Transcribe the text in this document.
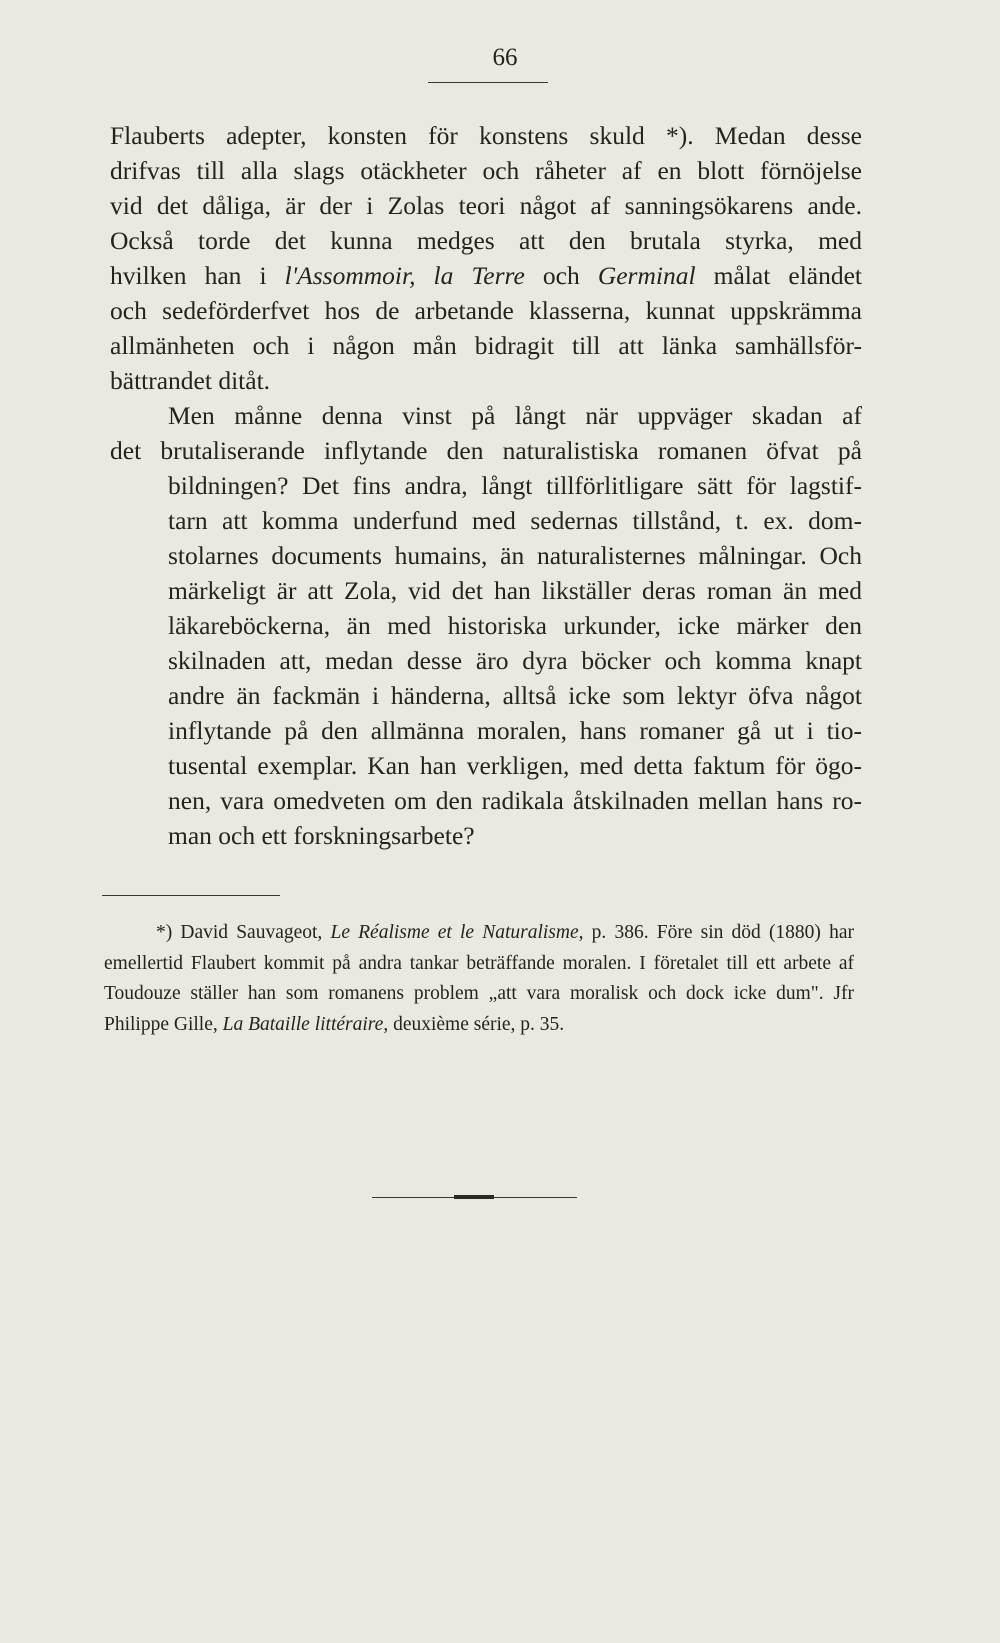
66

Flauberts adepter, konsten för konstens skuld *). Medan desse
drifvas till alla slags otäckheter och råheter af en blott förnöjelse
vid det dåliga, är der i Zolas teori något af sanningsökarens ande.
Också torde det kunna medges att den brutala styrka, med
hvilken han i l'Assommoir, la Terre och Germinal målat eländet
och sedeförderfvet hos de arbetande klasserna, kunnat uppskrämma
allmänheten och i någon mån bidragit till att länka samhällsför-
bättrandet ditåt.

Men månne denna vinst på långt när uppväger skadan af
det brutaliserande inflytande den naturalistiska romanen öfvat på
bildningen? Det fins andra, långt tillförlitligare sätt för lagstif-
tarn att komma underfund med sedernas tillstånd, t. ex. dom-
stolarnes documents humains, än naturalisternes målningar. Och
märkeligt är att Zola, vid det han likställer deras roman än med
läkareböckerna, än med historiska urkunder, icke märker den
skilnaden att, medan desse äro dyra böcker och komma knapt
andre än fackmän i händerna, alltså icke som lektyr öfva något
inflytande på den allmänna moralen, hans romaner gå ut i tio-
tusental exemplar. Kan han verkligen, med detta faktum för ögo-
nen, vara omedveten om den radikala åtskilnaden mellan hans ro-
man och ett forskningsarbete?

*) David Sauvageot, Le Réalisme et le Naturalisme, p. 386. Före sin död (1880) har emellertid Flaubert kommit på andra tankar beträffande moralen. I företalet till ett arbete af Toudouze ställer han som romanens problem „att vara moralisk och dock icke dum". Jfr Philippe Gille, La Bataille littéraire, deuxième série, p. 35.
